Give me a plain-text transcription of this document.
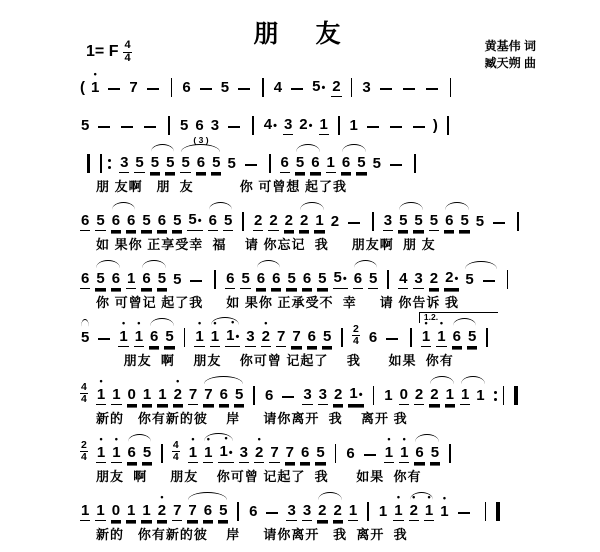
朋　友
1= F $\frac{4}{4}$	黄基伟 词
臧天朔 曲
( • 1 7	6 5	4 5 • 2 3
5	5 6 3	4 • 3 2 • 1 1	)
3 5 5 5
( 3 )
5 6 5 5	6 5 6 1 6 5 5
朋 友啊   朋  友          你 可曾想 起了我
6 5 6 6 5 6 5 5 • 6 5 2 2 2 2 1 2	3 5 5 5 6 5 5
如 果你 正享受幸  福    请 你忘记  我     朋友啊  朋 友
6 5 6 1 6 5 5	6 5 6 6 5 6 5 5 • 6 5 4 3 2 2 • 5
你 可曾记 起了我     如 果你 正承受不  幸     请 你告诉 我
5 • 1 • 1 6 5 • 1 • 1 • 1 • 3 • 2 7 7 6 5 2
4 6
1.2.
• 1 • 1 6 5
朋友  啊    朋友    你可曾 记起了    我      如果  你有
4
4 • 1 1 0 1 1 • 2 7 7 6 5 6 3 3 2 1 •	1 0 2 2 1 1 1
新的   你有新的彼    岸     请你离开  我    离开 我
2
4 • 1 • 1 6 5 4
4 • 1 • 1 • 1 • 3 • 2 7 7 6 5 6 • 1 • 1 6 5
朋友  啊     朋友    你可曾 记起了  我      如果  你有
1 1 0 1 1 • 2 7 7 6 5 6 3 3 2 2 1 1 • 1 • 2 • 1 • 1
新的   你有新的彼    岸     请你离开   我  离开  我
